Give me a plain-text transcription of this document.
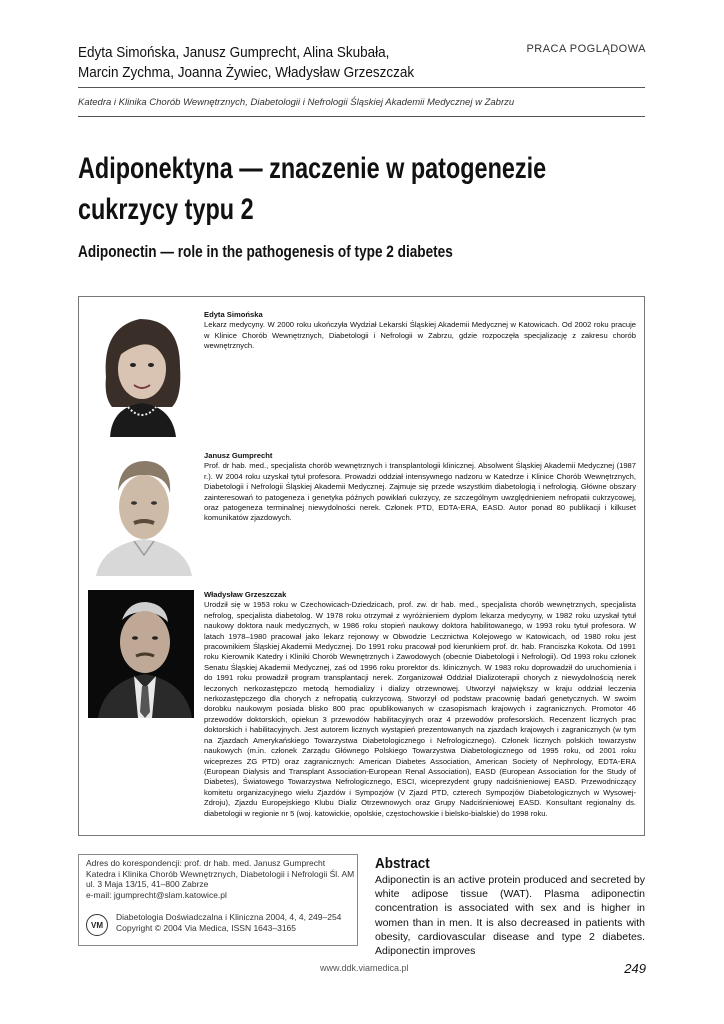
Edyta Simońska, Janusz Gumprecht, Alina Skubała,
Marcin Zychma, Joanna Żywiec, Władysław Grzeszczak
PRACA POGLĄDOWA
Katedra i Klinika Chorób Wewnętrznych, Diabetologii i Nefrologii Śląskiej Akademii Medycznej w Zabrzu
Adiponektyna — znaczenie w patogenezie
cukrzycy typu 2
Adiponectin — role in the pathogenesis of type 2 diabetes
Edyta Simońska
Lekarz medycyny. W 2000 roku ukończyła Wydział Lekarski Śląskiej Akademii Medycznej w Katowicach. Od 2002 roku pracuje w Klinice Chorób Wewnętrznych, Diabetologii i Nefrologii w Zabrzu, gdzie rozpoczęła specjalizację z zakresu chorób wewnętrznych.
Janusz Gumprecht
Prof. dr hab. med., specjalista chorób wewnętrznych i transplantologii klinicznej. Absolwent Śląskiej Akademii Medycznej (1987 r.). W 2004 roku uzyskał tytuł profesora. Prowadzi oddział intensywnego nadzoru w Katedrze i Klinice Chorób Wewnętrznych, Diabetologii i Nefrologii Śląskiej Akademii Medycznej. Zajmuje się przede wszystkim diabetologią i nefrologią. Główne obszary zainteresowań to patogeneza i genetyka późnych powikłań cukrzycy, ze szczególnym uwzględnieniem nefropatii cukrzycowej, oraz patogeneza terminalnej niewydolności nerek. Członek PTD, EDTA-ERA, EASD. Autor ponad 80 publikacji i kilkuset komunikatów zjazdowych.
Władysław Grzeszczak
Urodził się w 1953 roku w Czechowicach-Dziedzicach, prof. zw. dr hab. med., specjalista chorób wewnętrznych, specjalista nefrolog, specjalista diabetolog. W 1978 roku otrzymał z wyróżnieniem dyplom lekarza medycyny, w 1982 roku uzyskał tytuł naukowy doktora nauk medycznych, w 1986 roku stopień naukowy doktora habilitowanego, w 1993 roku tytuł profesora. W latach 1978–1980 pracował jako lekarz rejonowy w Obwodzie Lecznictwa Kolejowego w Katowicach, od 1980 roku jest pracownikiem Śląskiej Akademii Medycznej. Do 1991 roku pracował pod kierunkiem prof. dr. hab. Franciszka Kokota. Od 1991 roku Kierownik Katedry i Kliniki Chorób Wewnętrznych i Zawodowych (obecnie Diabetologii i Nefrologii). Od 1993 roku członek Senatu Śląskiej Akademii Medycznej, zaś od 1996 roku prorektor ds. klinicznych. W 1983 roku doprowadził do uruchomienia i do 1991 roku prowadził program transplantacji nerek. Zorganizował Oddział Dializoterapii chorych z niewydolnością nerek leczonych nerkozastępczo metodą hemodializy i dializy otrzewnowej. Utworzył największy w kraju oddział leczenia nerkozastępczego dla chorych z nefropatią cukrzycową. Stworzył od podstaw pracownię badań genetycznych. W swoim dorobku naukowym posiada blisko 800 prac opublikowanych w czasopismach krajowych i zagranicznych. Promotor 46 przewodów doktorskich, opiekun 3 przewodów habilitacyjnych oraz 4 przewodów profesorskich. Recenzent licznych prac doktorskich i habilitacyjnych. Jest autorem licznych wystąpień prezentowanych na zjazdach krajowych i zagranicznych (w tym na Zjazdach Amerykańskiego Towarzystwa Diabetologicznego i Nefrologicznego). Członek licznych polskich towarzystw naukowych (m.in. członek Zarządu Głównego Polskiego Towarzystwa Diabetologicznego od 1995 roku, od 2001 roku wiceprezes ZG PTD) oraz zagranicznych: American Diabetes Association, American Society of Nephrology, EDTA-ERA (European Dialysis and Transplant Association-European Renal Association), EASD (European Association for the Study of Diabetes), Światowego Towarzystwa Nefrologicznego, ESCI, wiceprezydent grupy nadciśnieniowej EASD. Przewodniczący komitetu organizacyjnego wielu Zjazdów i Sympozjów (V Zjazd PTD, czterech Sympozjów Diabetologicznych w Wysowej-Zdroju), Zjazdu Europejskiego Klubu Dializ Otrzewnowych oraz Grupy Nadciśnieniowej EASD. Konsultant regionalny ds. diabetologii w regionie nr 5 (woj. katowickie, opolskie, częstochowskie i bielsko-bialskie) do 1998 roku.
Adres do korespondencji: prof. dr hab. med. Janusz Gumprecht
Katedra i Klinika Chorób Wewnętrznych, Diabetologii i Nefrologii Śl. AM
ul. 3 Maja 13/15, 41–800 Zabrze
e-mail: jgumprecht@slam.katowice.pl
VM
Diabetologia Doświadczalna i Kliniczna 2004, 4, 4, 249–254
Copyright © 2004 Via Medica, ISSN 1643–3165
Abstract
Adiponectin is an active protein produced and secreted by white adipose tissue (WAT). Plasma adiponectin concentration is associated with sex and is higher in women than in men. It is also decreased in patients with obesity, cardiovascular disease and type 2 diabetes. Adiponectin improves
www.ddk.viamedica.pl	249
